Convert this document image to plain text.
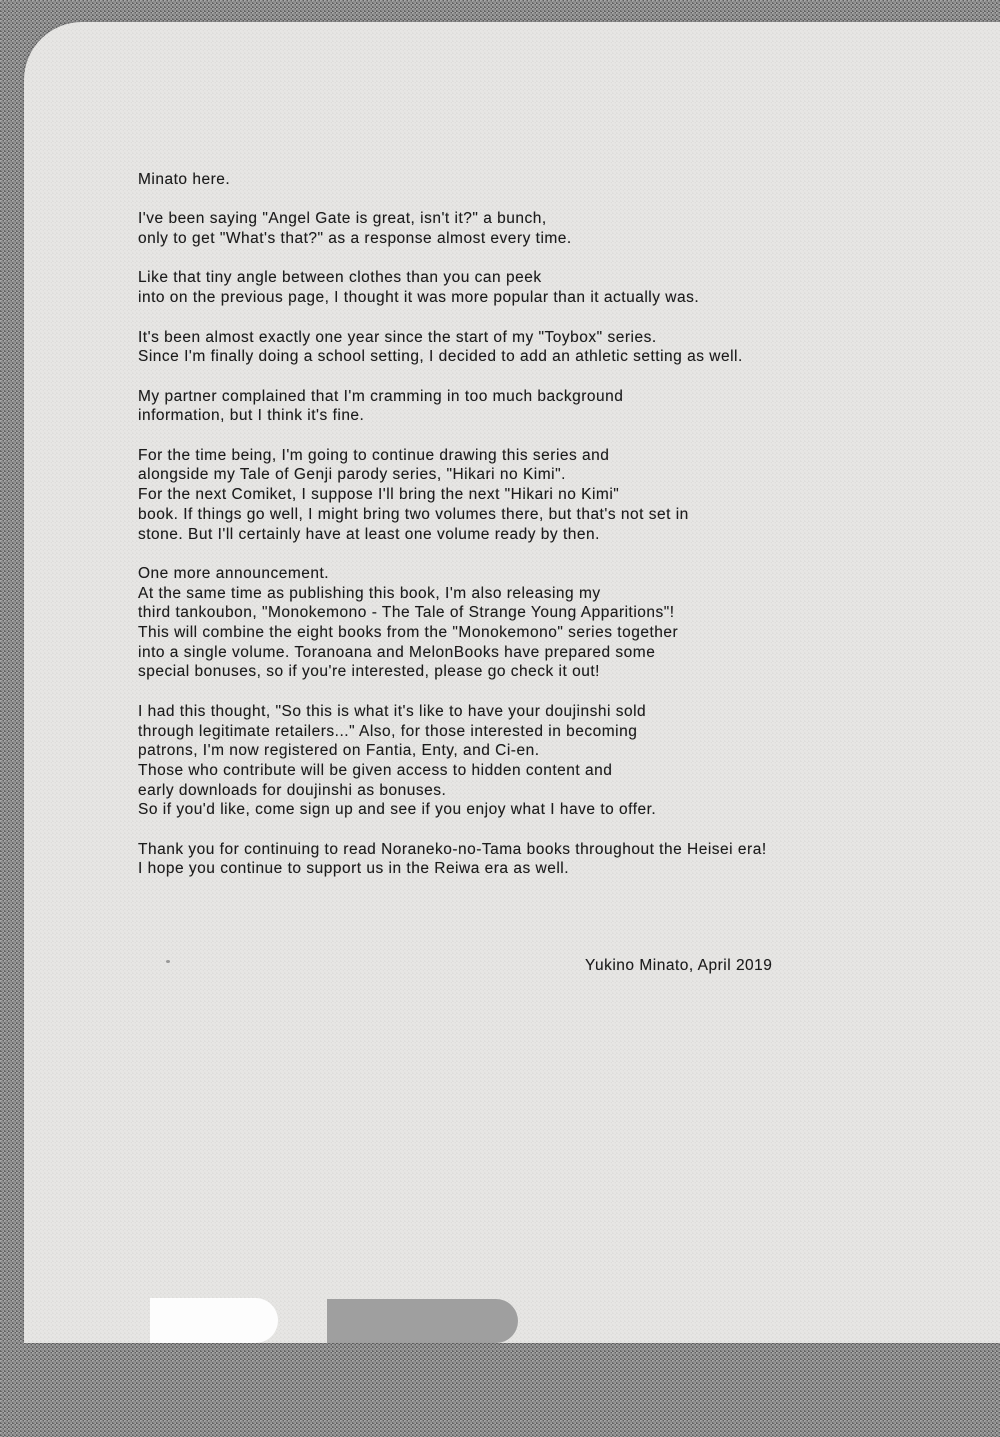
Minato here.
I've been saying "Angel Gate is great, isn't it?" a bunch,
only to get "What's that?" as a response almost every time.
Like that tiny angle between clothes than you can peek
into on the previous page, I thought it was more popular than it actually was.
It's been almost exactly one year since the start of my "Toybox" series.
Since I'm finally doing a school setting, I decided to add an athletic setting as well.
My partner complained that I'm cramming in too much background
information, but I think it's fine.
For the time being, I'm going to continue drawing this series and
alongside my Tale of Genji parody series, "Hikari no Kimi".
For the next Comiket, I suppose I'll bring the next "Hikari no Kimi"
book. If things go well, I might bring two volumes there, but that's not set in
stone. But I'll certainly have at least one volume ready by then.
One more announcement.
At the same time as publishing this book, I'm also releasing my
third tankoubon, "Monokemono - The Tale of Strange Young Apparitions"!
This will combine the eight books from the "Monokemono" series together
into a single volume. Toranoana and MelonBooks have prepared some
special bonuses, so if you're interested, please go check it out!
I had this thought, "So this is what it's like to have your doujinshi sold
through legitimate retailers..." Also, for those interested in becoming
patrons, I'm now registered on Fantia, Enty, and Ci-en.
Those who contribute will be given access to hidden content and
early downloads for doujinshi as bonuses.
So if you'd like, come sign up and see if you enjoy what I have to offer.
Thank you for continuing to read Noraneko-no-Tama books throughout the Heisei era!
I hope you continue to support us in the Reiwa era as well.
Yukino Minato, April 2019
